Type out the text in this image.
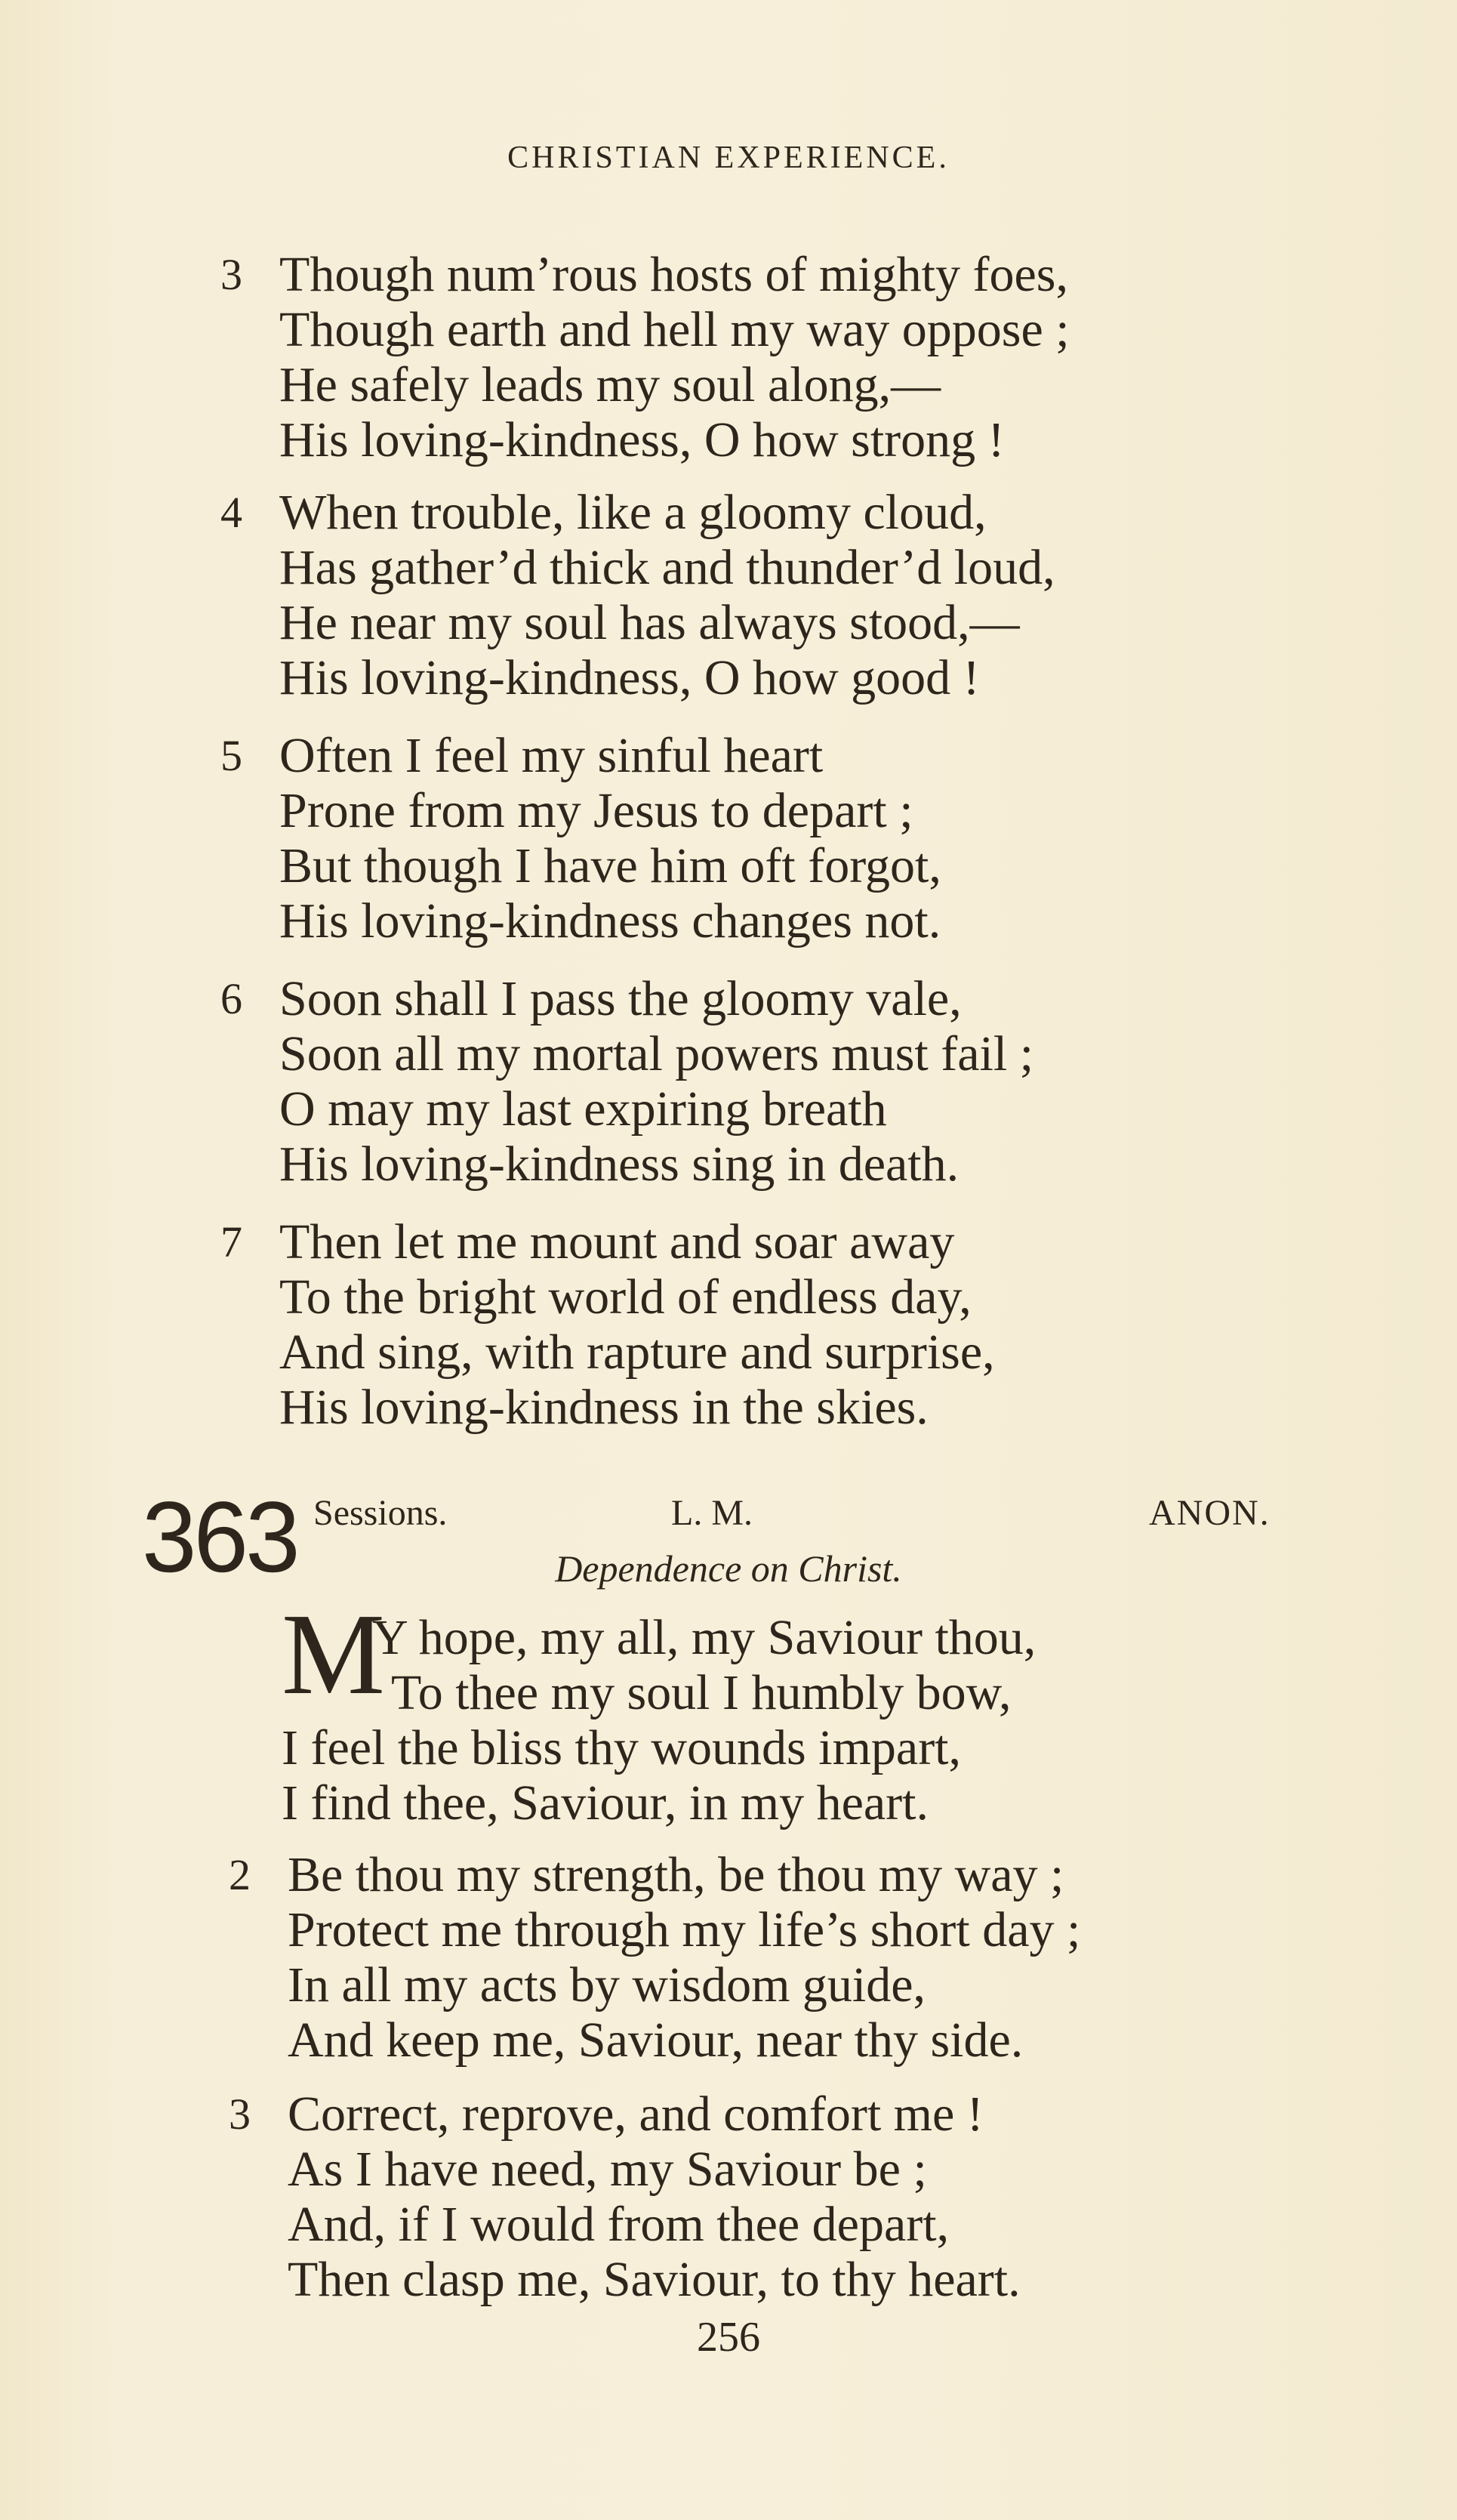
CHRISTIAN EXPERIENCE.
3 Though num’rous hosts of mighty foes,
Though earth and hell my way oppose ;
He safely leads my soul along,—
His loving-kindness, O how strong !
4 When trouble, like a gloomy cloud,
Has gather’d thick and thunder’d loud,
He near my soul has always stood,—
His loving-kindness, O how good !
5 Often I feel my sinful heart
Prone from my Jesus to depart ;
But though I have him oft forgot,
His loving-kindness changes not.
6 Soon shall I pass the gloomy vale,
Soon all my mortal powers must fail ;
O may my last expiring breath
His loving-kindness sing in death.
7 Then let me mount and soar away
To the bright world of endless day,
And sing, with rapture and surprise,
His loving-kindness in the skies.
363 Sessions.	L. M.	ANON.
Dependence on Christ.
M
Y hope, my all, my Saviour thou,
To thee my soul I humbly bow,
I feel the bliss thy wounds impart,
I find thee, Saviour, in my heart.
2 Be thou my strength, be thou my way ;
Protect me through my life’s short day ;
In all my acts by wisdom guide,
And keep me, Saviour, near thy side.
3 Correct, reprove, and comfort me !
As I have need, my Saviour be ;
And, if I would from thee depart,
Then clasp me, Saviour, to thy heart.
256
